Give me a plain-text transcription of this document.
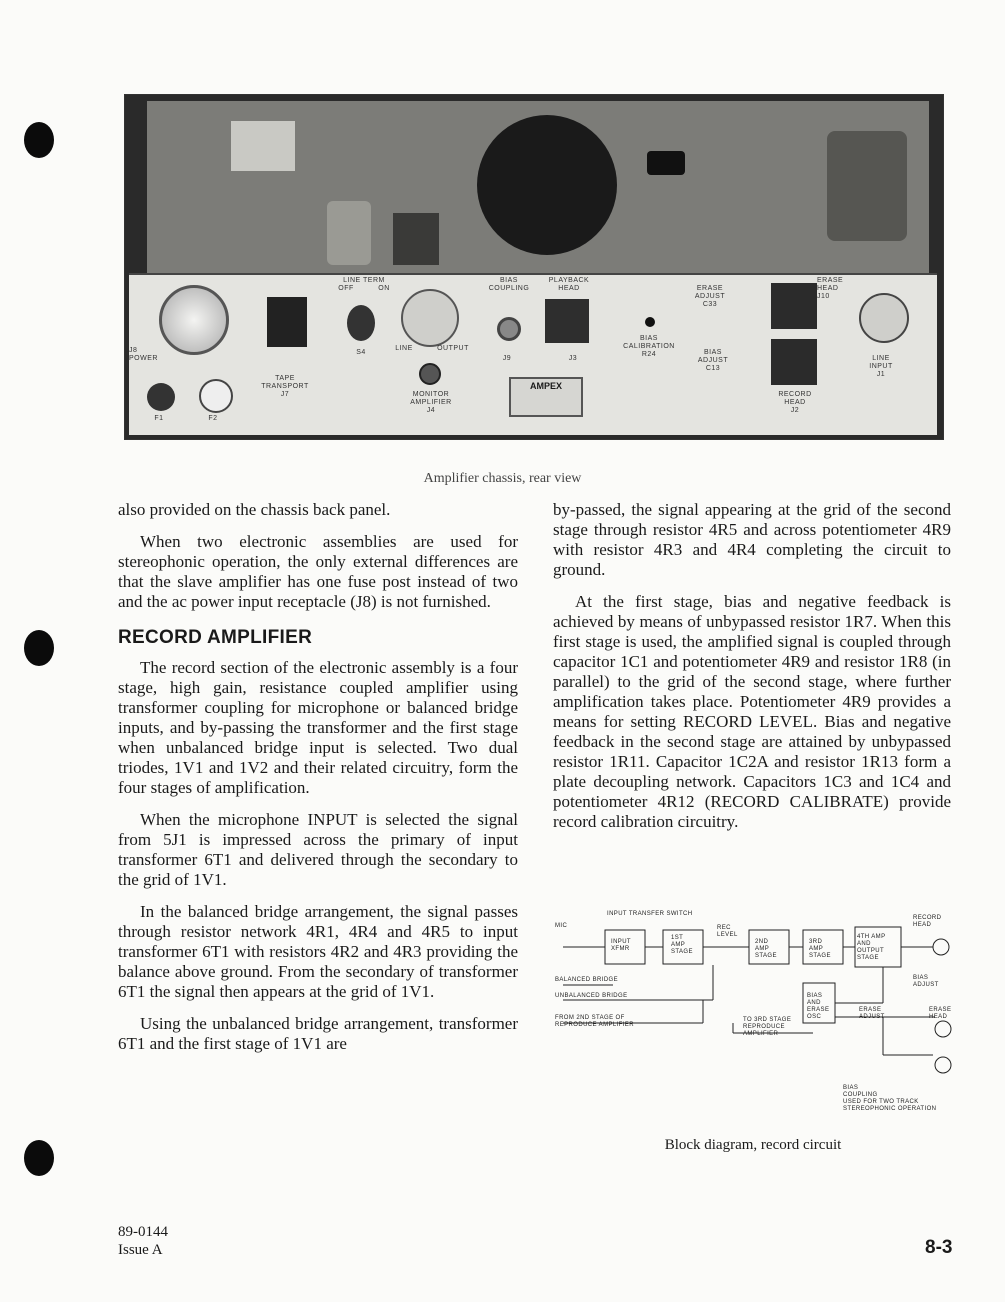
AMPEX
LINE TERM
OFF	ON
BIAS
COUPLING
PLAYBACK
HEAD	ERASE
ADJUST
C33
ERASE
HEAD
J10
J8
POWER
S4
LINE	OUTPUT
J9	J3
BIAS
CALIBRATION
R24	BIAS
ADJUST
C13
LINE
INPUT
J1
TAPE
TRANSPORT
J7	MONITOR
AMPLIFIER
J4
RECORD
HEAD
J2
F1	F2
Amplifier chassis, rear view

also provided on the chassis back panel.

When two electronic assemblies are used for stereophonic operation, the only external differences are that the slave amplifier has one fuse post instead of two and the ac power input receptacle (J8) is not furnished.

RECORD AMPLIFIER

The record section of the electronic assembly is a four stage, high gain, resistance coupled amplifier using transformer coupling for microphone or balanced bridge inputs, and by-passing the transformer and the first stage when unbalanced bridge input is selected. Two dual triodes, 1V1 and 1V2 and their related circuitry, form the four stages of amplification.

When the microphone INPUT is selected the signal from 5J1 is impressed across the primary of input transformer 6T1 and delivered through the secondary to the grid of 1V1.

In the balanced bridge arrangement, the signal passes through resistor network 4R1, 4R4 and 4R5 to input transformer 6T1 with resistors 4R2 and 4R3 providing the balance above ground. From the secondary of transformer 6T1 the signal then appears at the grid of 1V1.

Using the unbalanced bridge arrangement, transformer 6T1 and the first stage of 1V1 are

by-passed, the signal appearing at the grid of the second stage through resistor 4R5 and across potentiometer 4R9 with resistor 4R3 and 4R4 completing the circuit to ground.

At the first stage, bias and negative feedback is achieved by means of unbypassed resistor 1R7. When this first stage is used, the amplified signal is coupled through capacitor 1C1 and potentiometer 4R9 and resistor 1R8 (in parallel) to the grid of the second stage, where further amplification takes place. Potentiometer 4R9 provides a means for setting RECORD LEVEL. Bias and negative feedback in the second stage are attained by unbypassed resistor 1R11. Capacitor 1C2A and resistor 1R13 form a plate decoupling network. Capacitors 1C3 and 1C4 and potentiometer 4R12 (RECORD CALIBRATE) provide record calibration circuitry.

INPUT TRANSFER SWITCH
MIC
INPUT XFMR
1ST AMP STAGE
REC LEVEL
2ND AMP STAGE
3RD AMP STAGE
4TH AMP AND OUTPUT STAGE
RECORD HEAD
BALANCED BRIDGE
UNBALANCED BRIDGE	BIAS AND ERASE OSC
BIAS ADJUST
ERASE ADJUST
ERASE HEAD
FROM 2ND STAGE OF REPRODUCE AMPLIFIER
TO 3RD STAGE REPRODUCE AMPLIFIER
BIAS COUPLING USED FOR TWO TRACK STEREOPHONIC OPERATION
Block diagram, record circuit
89-0144
Issue A	8-3
